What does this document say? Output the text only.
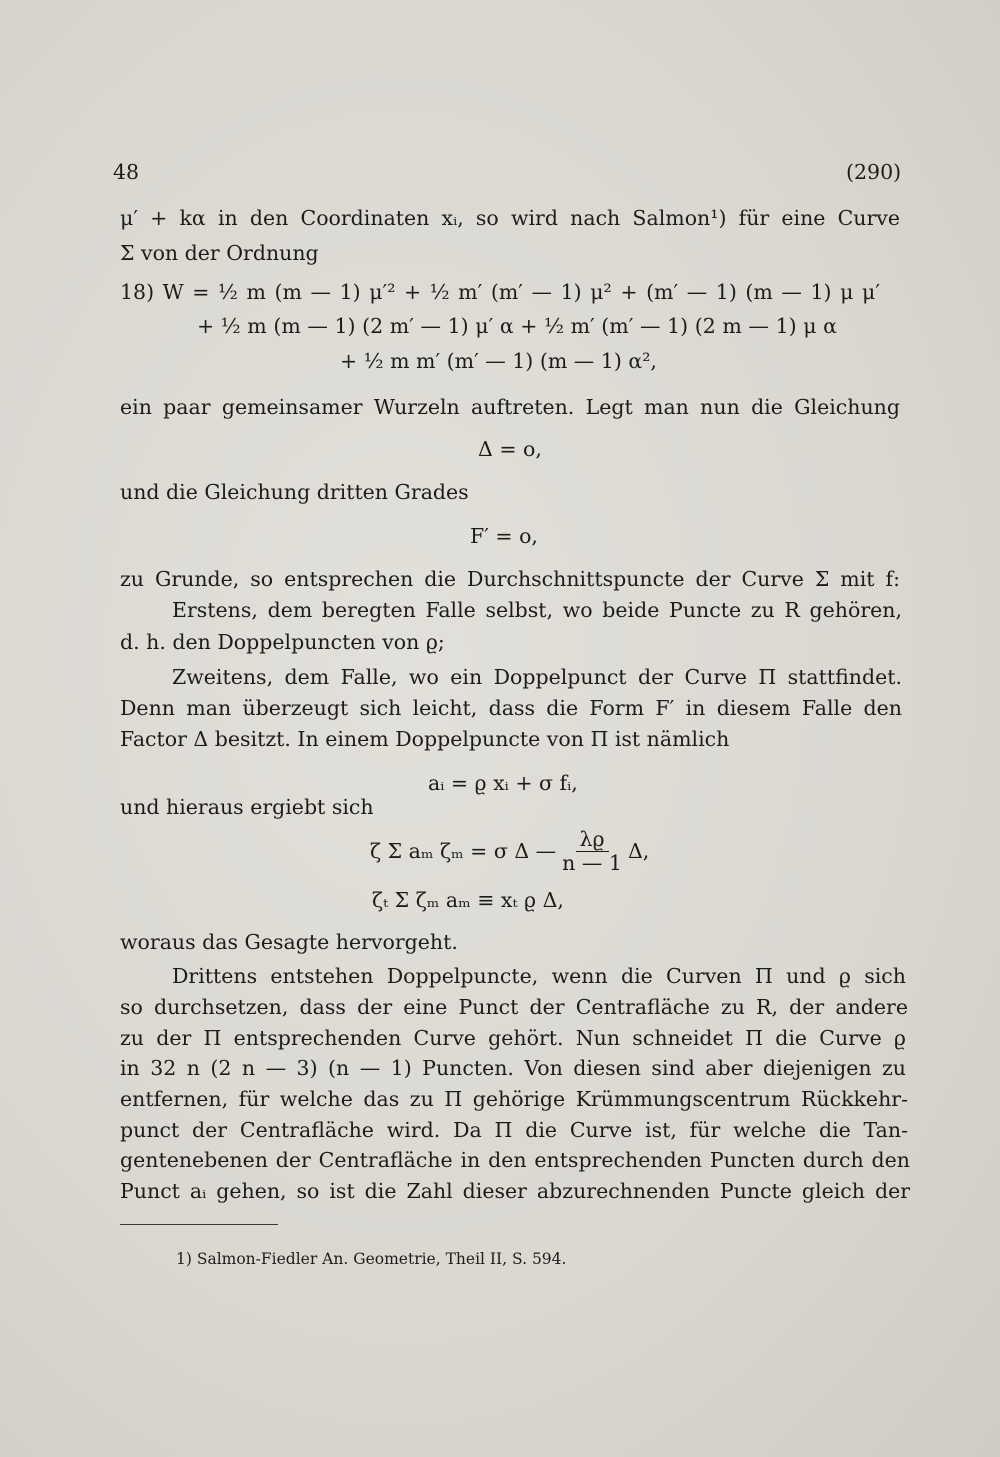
48	(290)
μ′ + kα in den Coordinaten xᵢ, so wird nach Salmon¹) für eine Curve
Σ von der Ordnung
18) W = ½ m (m — 1) μ′² + ½ m′ (m′ — 1) μ² + (m′ — 1) (m — 1) μ μ′
+ ½ m (m — 1) (2 m′ — 1) μ′ α + ½ m′ (m′ — 1) (2 m — 1) μ α
+ ½ m m′ (m′ — 1) (m — 1) α²,
ein paar gemeinsamer Wurzeln auftreten. Legt man nun die Gleichung
Δ = o,
und die Gleichung dritten Grades
F′ = o,
zu Grunde, so entsprechen die Durchschnittspuncte der Curve Σ mit f:
Erstens, dem beregten Falle selbst, wo beide Puncte zu R gehören,
d. h. den Doppelpuncten von ϱ;
Zweitens, dem Falle, wo ein Doppelpunct der Curve Π stattfindet.
Denn man überzeugt sich leicht, dass die Form F′ in diesem Falle den
Factor Δ besitzt. In einem Doppelpuncte von Π ist nämlich
aᵢ = ϱ xᵢ + σ fᵢ,
und hieraus ergiebt sich
ζ Σ aₘ ζₘ = σ Δ — $\frac{\lambda ϱ}{n — 1} \Delta$,
ζₜ Σ ζₘ aₘ ≡ xₜ ϱ Δ,
woraus das Gesagte hervorgeht.
Drittens entstehen Doppelpuncte, wenn die Curven Π und ϱ sich
so durchsetzen, dass der eine Punct der Centrafläche zu R, der andere
zu der Π entsprechenden Curve gehört. Nun schneidet Π die Curve ϱ
in 32 n (2 n — 3) (n — 1) Puncten. Von diesen sind aber diejenigen zu
entfernen, für welche das zu Π gehörige Krümmungscentrum Rückkehr-
punct der Centrafläche wird. Da Π die Curve ist, für welche die Tan-
gentenebenen der Centrafläche in den entsprechenden Puncten durch den
Punct aᵢ gehen, so ist die Zahl dieser abzurechnenden Puncte gleich der
1) Salmon-Fiedler An. Geometrie, Theil II, S. 594.
